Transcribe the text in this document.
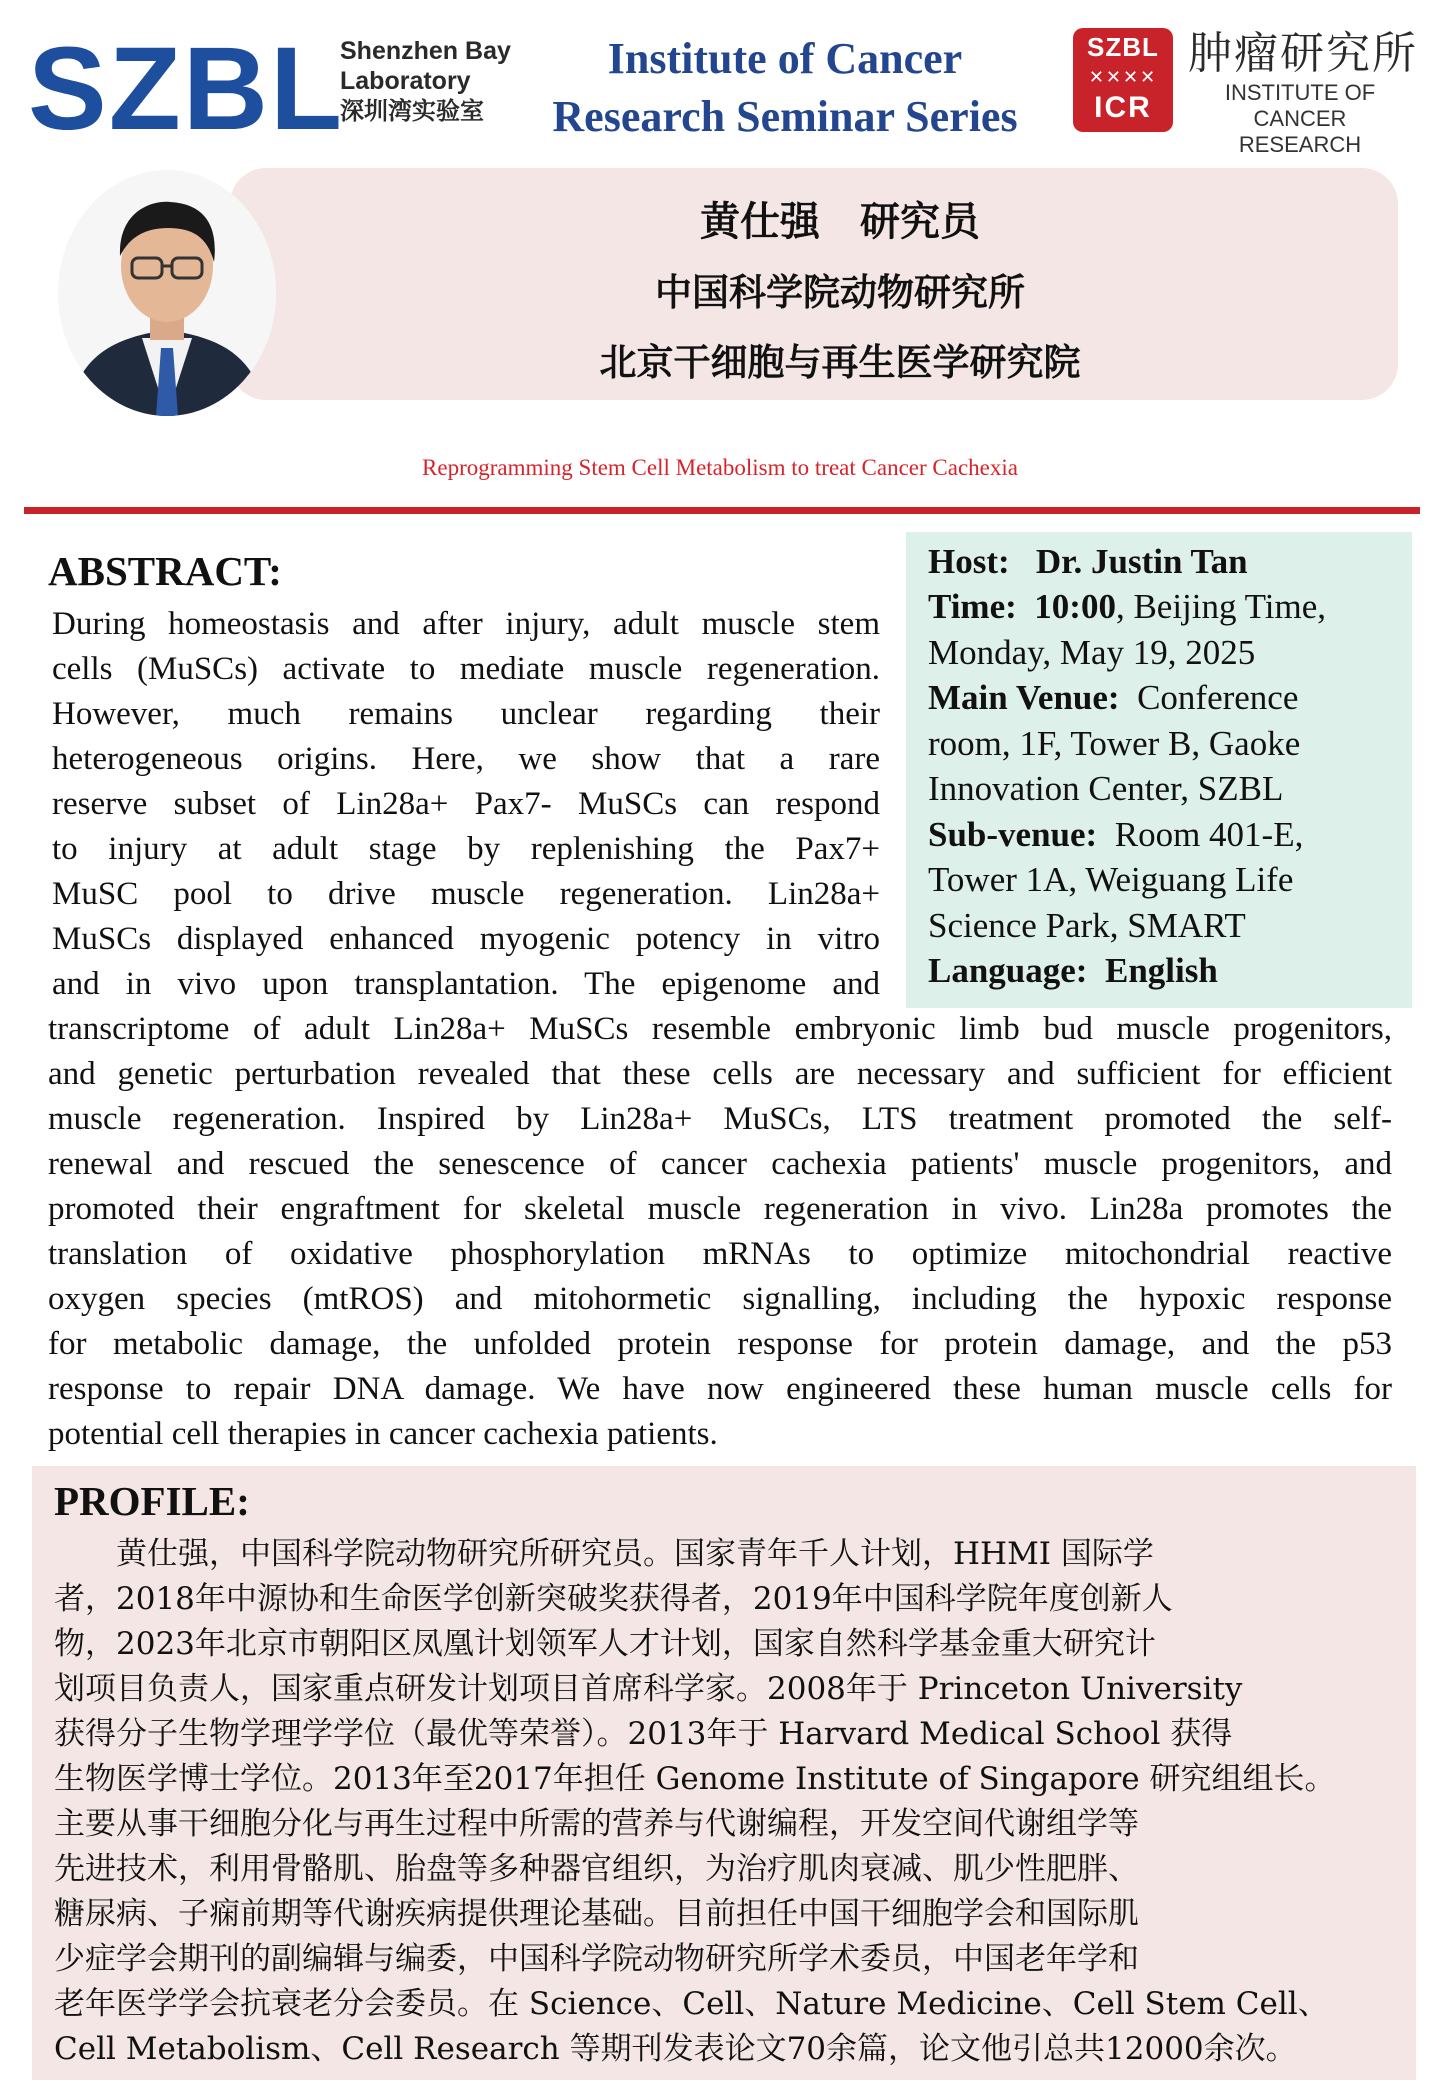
SZBL
Shenzhen Bay
Laboratory
深圳湾实验室
Institute of Cancer
Research Seminar Series
SZBL
✕✕✕✕
ICR
肿瘤研究所
INSTITUTE OF
CANCER RESEARCH
黄仕强　研究员
中国科学院动物研究所
北京干细胞与再生医学研究院
Reprogramming Stem Cell Metabolism to treat Cancer Cachexia
Host: Dr. Justin Tan
Time: 10:00, Beijing Time,
Monday, May 19, 2025
Main Venue: Conference
room, 1F, Tower B, Gaoke
Innovation Center, SZBL
Sub-venue: Room 401-E,
Tower 1A, Weiguang Life
Science Park, SMART
Language: English
ABSTRACT:
During homeostasis and after injury, adult muscle stem
cells (MuSCs) activate to mediate muscle regeneration.
However, much remains unclear regarding their
heterogeneous origins. Here, we show that a rare
reserve subset of Lin28a+ Pax7- MuSCs can respond
to injury at adult stage by replenishing the Pax7+
MuSC pool to drive muscle regeneration. Lin28a+
MuSCs displayed enhanced myogenic potency in vitro
and in vivo upon transplantation. The epigenome and
transcriptome of adult Lin28a+ MuSCs resemble embryonic limb bud muscle progenitors,
and genetic perturbation revealed that these cells are necessary and sufficient for efficient
muscle regeneration. Inspired by Lin28a+ MuSCs, LTS treatment promoted the self-
renewal and rescued the senescence of cancer cachexia patients' muscle progenitors, and
promoted their engraftment for skeletal muscle regeneration in vivo. Lin28a promotes the
translation of oxidative phosphorylation mRNAs to optimize mitochondrial reactive
oxygen species (mtROS) and mitohormetic signalling, including the hypoxic response
for metabolic damage, the unfolded protein response for protein damage, and the p53
response to repair DNA damage. We have now engineered these human muscle cells for
potential cell therapies in cancer cachexia patients.
PROFILE:
　　黄仕强，中国科学院动物研究所研究员。国家青年千人计划，HHMI 国际学
者，2018年中源协和生命医学创新突破奖获得者，2019年中国科学院年度创新人
物，2023年北京市朝阳区凤凰计划领军人才计划，国家自然科学基金重大研究计
划项目负责人，国家重点研发计划项目首席科学家。2008年于 Princeton University
获得分子生物学理学学位（最优等荣誉）。2013年于 Harvard Medical School 获得
生物医学博士学位。2013年至2017年担任 Genome Institute of Singapore 研究组组长。
主要从事干细胞分化与再生过程中所需的营养与代谢编程，开发空间代谢组学等
先进技术，利用骨骼肌、胎盘等多种器官组织，为治疗肌肉衰减、肌少性肥胖、
糖尿病、子痫前期等代谢疾病提供理论基础。目前担任中国干细胞学会和国际肌
少症学会期刊的副编辑与编委，中国科学院动物研究所学术委员，中国老年学和
老年医学学会抗衰老分会委员。在 Science、Cell、Nature Medicine、Cell Stem Cell、
Cell Metabolism、Cell Research 等期刊发表论文70余篇，论文他引总共12000余次。
